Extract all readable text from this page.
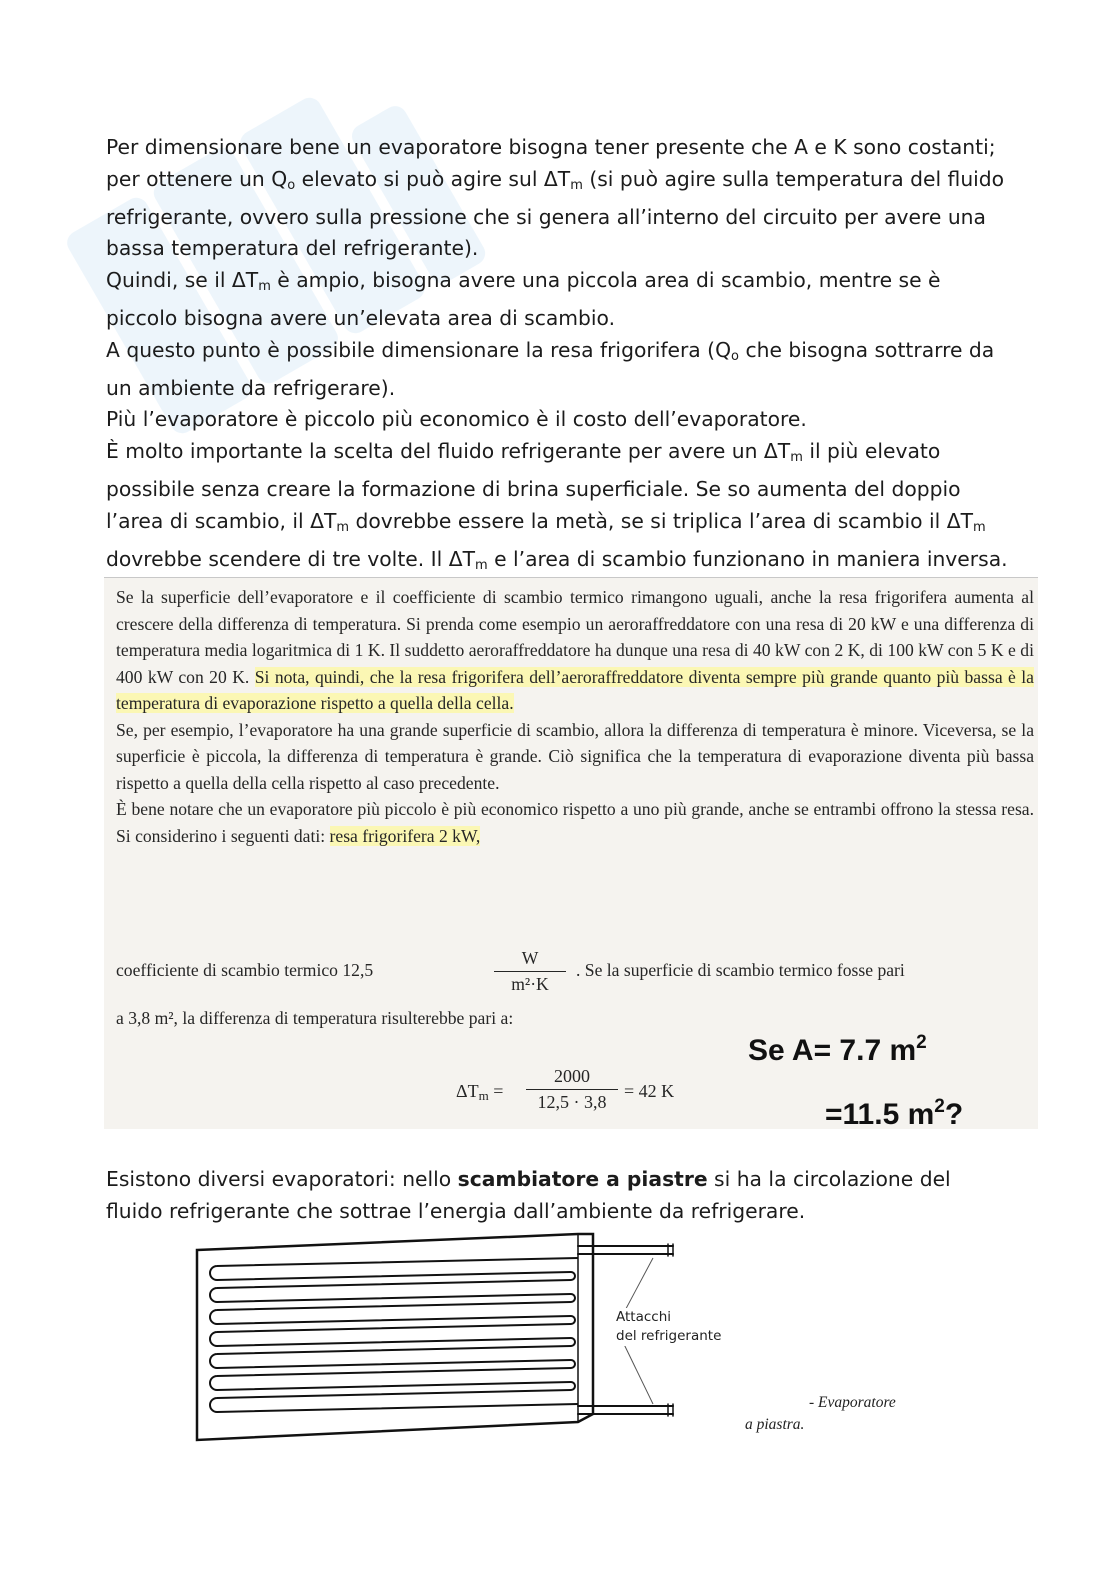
Per dimensionare bene un evaporatore bisogna tener presente che A e K sono costanti; per ottenere un $Q_o$ elevato si può agire sul $\Delta T_m$ (si può agire sulla temperatura del fluido refrigerante, ovvero sulla pressione che si genera all’interno del circuito per avere una bassa temperatura del refrigerante).

Quindi, se il $\Delta T_m$ è ampio, bisogna avere una piccola area di scambio, mentre se è piccolo bisogna avere un’elevata area di scambio.

A questo punto è possibile dimensionare la resa frigorifera ($Q_o$ che bisogna sottrarre da un ambiente da refrigerare).

Più l’evaporatore è piccolo più economico è il costo dell’evaporatore.

È molto importante la scelta del fluido refrigerante per avere un $\Delta T_m$ il più elevato possibile senza creare la formazione di brina superficiale. Se so aumenta del doppio l’area di scambio, il $\Delta T_m$ dovrebbe essere la metà, se si triplica l’area di scambio il $\Delta T_m$ dovrebbe scendere di tre volte. Il $\Delta T_m$ e l’area di scambio funzionano in maniera inversa.

Se la superficie dell’evaporatore e il coefficiente di scambio termico rimangono uguali, anche la resa frigorifera aumenta al crescere della differenza di temperatura. Si prenda come esempio un aeroraffreddatore con una resa di 20 kW e una differenza di temperatura media logaritmica di 1 K. Il suddetto aeroraffreddatore ha dunque una resa di 40 kW con 2 K, di 100 kW con 5 K e di 400 kW con 20 K. Si nota, quindi, che la resa frigorifera dell’aeroraffreddatore diventa sempre più grande quanto più bassa è la temperatura di evaporazione rispetto a quella della cella.

Se, per esempio, l’evaporatore ha una grande superficie di scambio, allora la differenza di temperatura è minore. Viceversa, se la superficie è piccola, la differenza di temperatura è grande. Ciò significa che la temperatura di evaporazione diventa più bassa rispetto a quella della cella rispetto al caso precedente.

È bene notare che un evaporatore più piccolo è più economico rispetto a uno più grande, anche se entrambi offrono la stessa resa. Si considerino i seguenti dati: resa frigorifera 2 kW,

coefficiente di scambio termico 12,5	$\frac{W}{\text{m²·K}}$ . Se la superficie di scambio termico fosse pari
a 3,8 m², la differenza di temperatura risulterebbe pari a:
$\Delta T_m = \frac{2000}{12,5 \cdot 3,8} = 42$ K
Se A= 7.7 $m^2$
=11.5 $m^2$?

Esistono diversi evaporatori: nello scambiatore a piastre si ha la circolazione del fluido refrigerante che sottrae l’energia dall’ambiente da refrigerare.

Attacchi
del refrigerante
- Evaporatore
a piastra.
